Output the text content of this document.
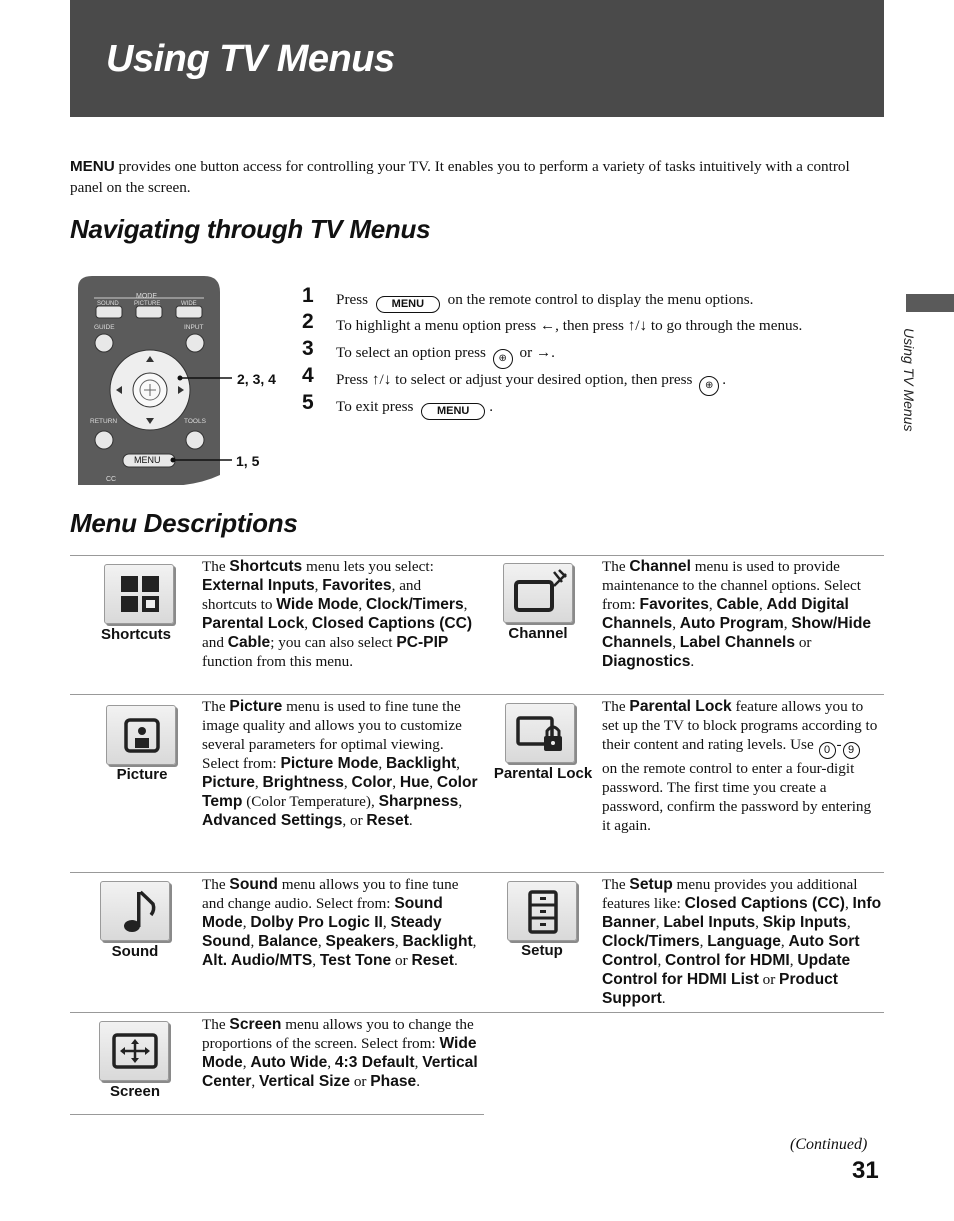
Using TV Menus

MENU provides one button access for controlling your TV. It enables you to perform a variety of tasks intuitively with a control panel on the screen.

Navigating through TV Menus
Using TV Menus
MODE
SOUND	PICTURE	WIDE
GUIDE	INPUT
RETURN	TOOLS
MENU
CC
2, 3, 4
1, 5
1 Press MENU on the remote control to display the menu options.
2 To highlight a menu option press ←, then press ↑/↓ to go through the menus.
3 To select an option press ⊕ or →.
4 Press ↑/↓ to select or adjust your desired option, then press ⊕ .
5 To exit press MENU .
Menu Descriptions
Shortcuts

The Shortcuts menu lets you select: External Inputs, Favorites, and shortcuts to Wide Mode, Clock/Timers, Parental Lock, Closed Captions (CC) and Cable; you can also select PC-PIP function from this menu.

Channel

The Channel menu is used to provide maintenance to the channel options. Select from: Favorites, Cable, Add Digital Channels, Auto Program, Show/Hide Channels, Label Channels or Diagnostics.

Picture

The Picture menu is used to fine tune the image quality and allows you to customize several parameters for optimal viewing. Select from: Picture Mode, Backlight, Picture, Brightness, Color, Hue, Color Temp (Color Temperature), Sharpness, Advanced Settings, or Reset.

Parental Lock

The Parental Lock feature allows you to set up the TV to block programs according to their content and rating levels. Use 0 - 9 on the remote control to enter a four-digit password. The first time you create a password, confirm the password by entering it again.

Sound

The Sound menu allows you to fine tune and change audio. Select from: Sound Mode, Dolby Pro Logic II, Steady Sound, Balance, Speakers, Backlight, Alt. Audio/MTS, Test Tone or Reset.

Setup

The Setup menu provides you additional features like: Closed Captions (CC), Info Banner, Label Inputs, Skip Inputs, Clock/Timers, Language, Auto Sort Control, Control for HDMI, Update Control for HDMI List or Product Support.

Screen

The Screen menu allows you to change the proportions of the screen. Select from: Wide Mode, Auto Wide, 4:3 Default, Vertical Center, Vertical Size or Phase.

(Continued)
31
